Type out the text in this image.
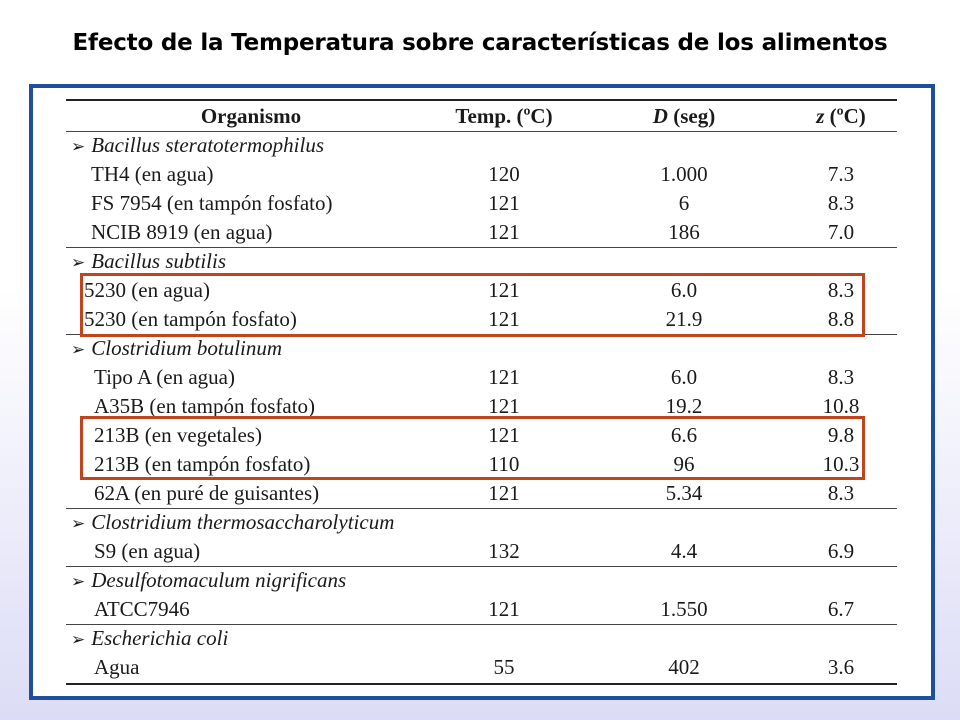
Efecto de la Temperatura sobre características de los alimentos
Organismo	Temp. (ºC)	D (seg)	z (ºC)
➢ Bacillus steratotermophilus
TH4 (en agua)	120	1.000	7.3
FS 7954 (en tampón fosfato)	121	6	8.3
NCIB 8919 (en agua)	121	186	7.0
➢ Bacillus subtilis
5230 (en agua)	121	6.0	8.3
5230 (en tampón fosfato)	121	21.9	8.8
➢ Clostridium botulinum
Tipo A (en agua)	121	6.0	8.3
A35B (en tampón fosfato)	121	19.2	10.8
213B (en vegetales)	121	6.6	9.8
213B (en tampón fosfato)	110	96	10.3
62A (en puré de guisantes)	121	5.34	8.3
➢ Clostridium thermosaccharolyticum
S9 (en agua)	132	4.4	6.9
➢ Desulfotomaculum nigrificans
ATCC7946	121	1.550	6.7
➢ Escherichia coli
Agua	55	402	3.6
